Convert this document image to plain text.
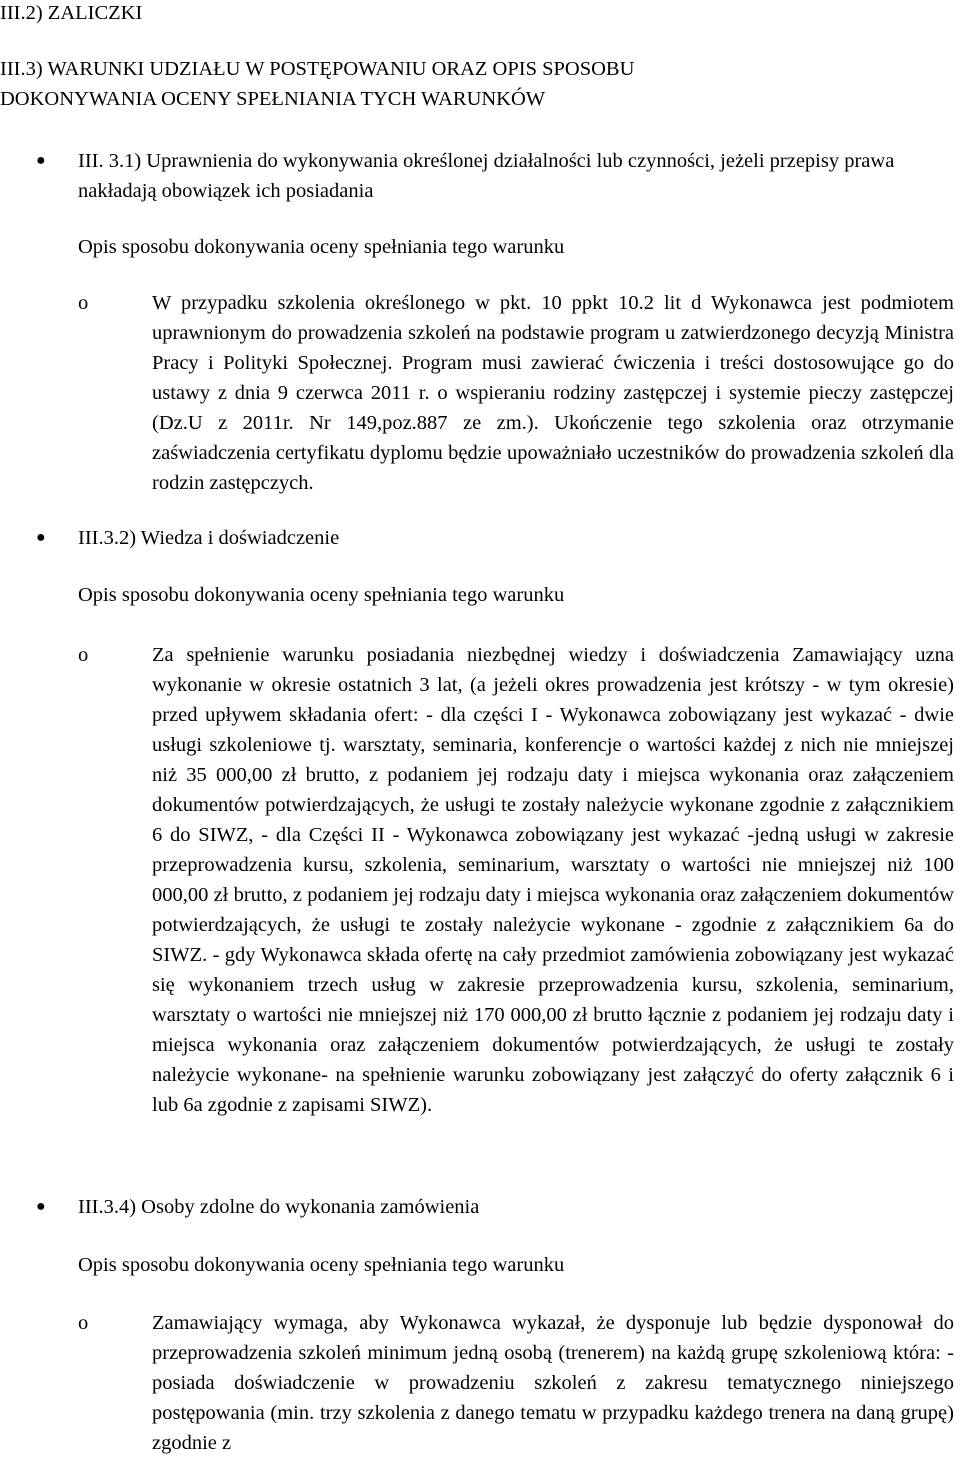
III.2) ZALICZKI
III.3) WARUNKI UDZIAŁU W POSTĘPOWANIU ORAZ OPIS SPOSOBU
DOKONYWANIA OCENY SPEŁNIANIA TYCH WARUNKÓW
● III. 3.1) Uprawnienia do wykonywania określonej działalności lub czynności, jeżeli przepisy prawa nakładają obowiązek ich posiadania

Opis sposobu dokonywania oceny spełniania tego warunku
o	W przypadku szkolenia określonego w pkt. 10 ppkt 10.2 lit d Wykonawca jest podmiotem uprawnionym do prowadzenia szkoleń na podstawie program u zatwierdzonego decyzją Ministra Pracy i Polityki Społecznej. Program musi zawierać ćwiczenia i treści dostosowujące go do ustawy z dnia 9 czerwca 2011 r. o wspieraniu rodziny zastępczej i systemie pieczy zastępczej (Dz.U z 2011r. Nr 149,poz.887 ze zm.). Ukończenie tego szkolenia oraz otrzymanie zaświadczenia certyfikatu dyplomu będzie upoważniało uczestników do prowadzenia szkoleń dla rodzin zastępczych.

● III.3.2) Wiedza i doświadczenie

Opis sposobu dokonywania oceny spełniania tego warunku
o	Za spełnienie warunku posiadania niezbędnej wiedzy i doświadczenia Zamawiający uzna wykonanie w okresie ostatnich 3 lat, (a jeżeli okres prowadzenia jest krótszy - w tym okresie) przed upływem składania ofert: - dla części I - Wykonawca zobowiązany jest wykazać - dwie usługi szkoleniowe tj. warsztaty, seminaria, konferencje o wartości każdej z nich nie mniejszej niż 35 000,00 zł brutto, z podaniem jej rodzaju daty i miejsca wykonania oraz załączeniem dokumentów potwierdzających, że usługi te zostały należycie wykonane zgodnie z załącznikiem 6 do SIWZ, - dla Części II - Wykonawca zobowiązany jest wykazać -jedną usługi w zakresie przeprowadzenia kursu, szkolenia, seminarium, warsztaty o wartości nie mniejszej niż 100 000,00 zł brutto, z podaniem jej rodzaju daty i miejsca wykonania oraz załączeniem dokumentów potwierdzających, że usługi te zostały należycie wykonane - zgodnie z załącznikiem 6a do SIWZ. - gdy Wykonawca składa ofertę na cały przedmiot zamówienia zobowiązany jest wykazać się wykonaniem trzech usług w zakresie przeprowadzenia kursu, szkolenia, seminarium, warsztaty o wartości nie mniejszej niż 170 000,00 zł brutto łącznie z podaniem jej rodzaju daty i miejsca wykonania oraz załączeniem dokumentów potwierdzających, że usługi te zostały należycie wykonane- na spełnienie warunku zobowiązany jest załączyć do oferty załącznik 6 i lub 6a zgodnie z zapisami SIWZ).

● III.3.4) Osoby zdolne do wykonania zamówienia

Opis sposobu dokonywania oceny spełniania tego warunku
o	Zamawiający wymaga, aby Wykonawca wykazał, że dysponuje lub będzie dysponował do przeprowadzenia szkoleń minimum jedną osobą (trenerem) na każdą grupę szkoleniową która: - posiada doświadczenie w prowadzeniu szkoleń z zakresu tematycznego niniejszego postępowania (min. trzy szkolenia z danego tematu w przypadku każdego trenera na daną grupę) zgodnie z
